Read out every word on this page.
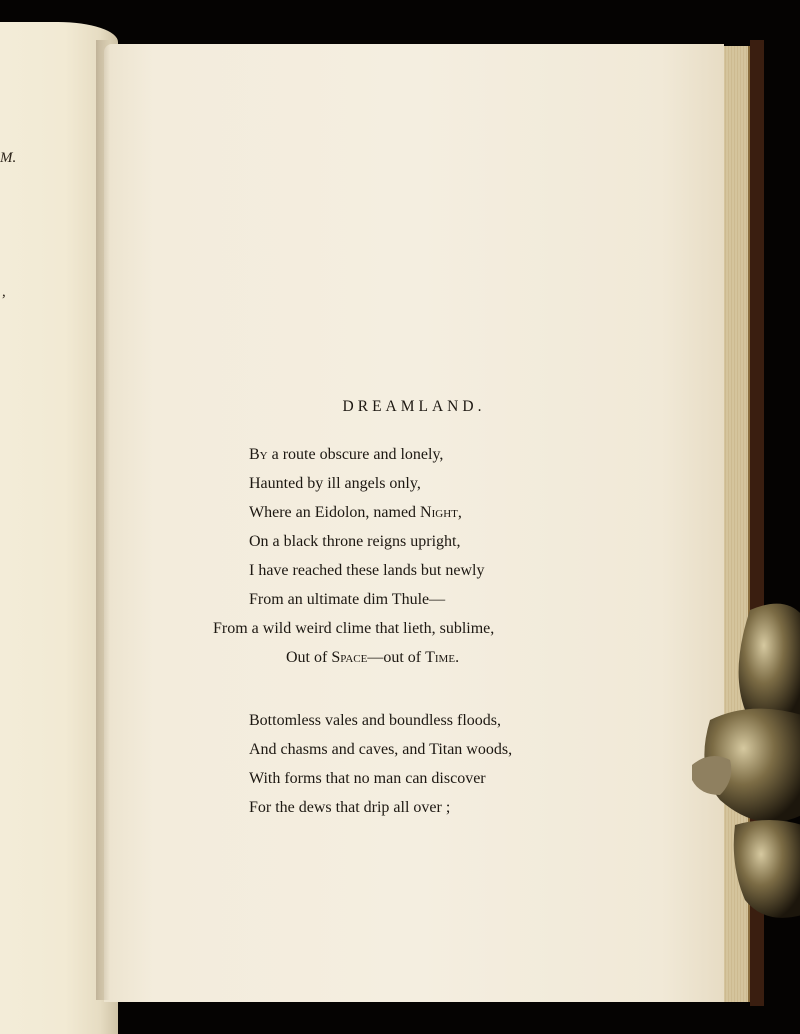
M.
,
DREAMLAND.
By a route obscure and lonely,
Haunted by ill angels only,
Where an Eidolon, named Night,
On a black throne reigns upright,
I have reached these lands but newly
From an ultimate dim Thule—
From a wild weird clime that lieth, sublime,
Out of Space—out of Time.
Bottomless vales and boundless floods,
And chasms and caves, and Titan woods,
With forms that no man can discover
For the dews that drip all over ;
